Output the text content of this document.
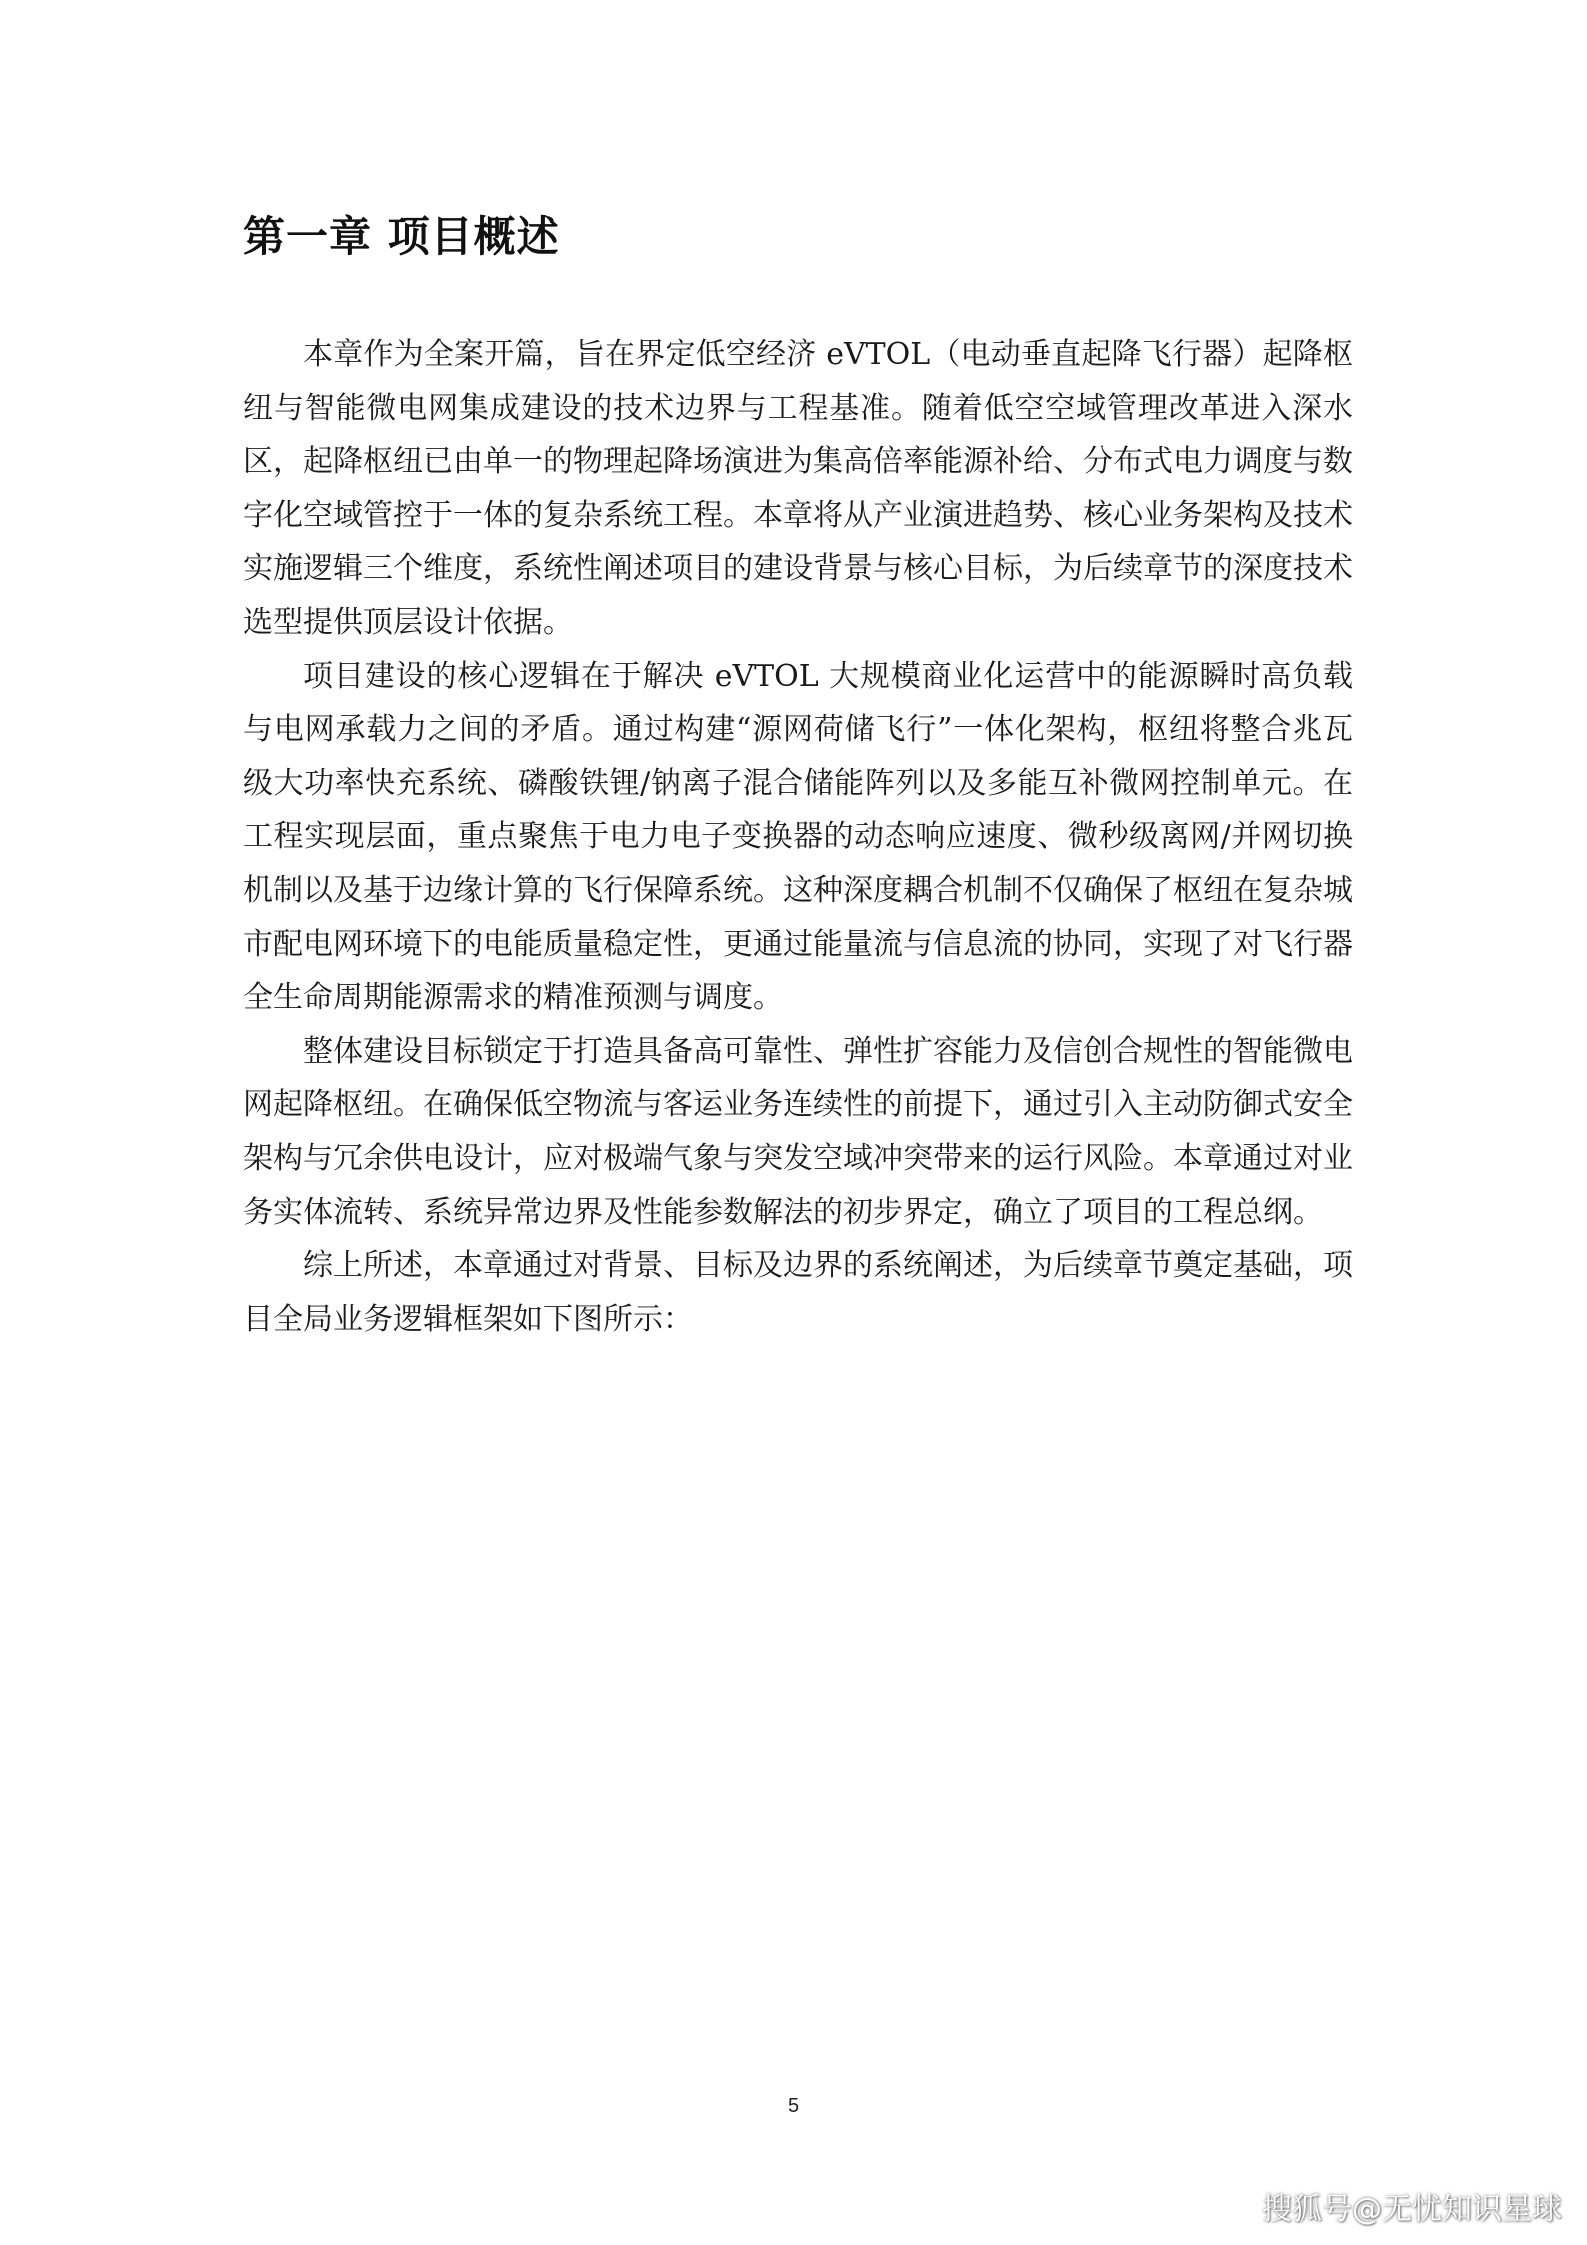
第一章 项目概述

本章作为全案开篇，旨在界定低空经济 eVTOL（电动垂直起降飞行器）起降枢纽与智能微电网集成建设的技术边界与工程基准。随着低空空域管理改革进入深水区，起降枢纽已由单一的物理起降场演进为集高倍率能源补给、分布式电力调度与数字化空域管控于一体的复杂系统工程。本章将从产业演进趋势、核心业务架构及技术实施逻辑三个维度，系统性阐述项目的建设背景与核心目标，为后续章节的深度技术选型提供顶层设计依据。

项目建设的核心逻辑在于解决 eVTOL 大规模商业化运营中的能源瞬时高负载与电网承载力之间的矛盾。通过构建“源网荷储飞行”一体化架构，枢纽将整合兆瓦级大功率快充系统、磷酸铁锂/钠离子混合储能阵列以及多能互补微网控制单元。在工程实现层面，重点聚焦于电力电子变换器的动态响应速度、微秒级离网/并网切换机制以及基于边缘计算的飞行保障系统。这种深度耦合机制不仅确保了枢纽在复杂城市配电网环境下的电能质量稳定性，更通过能量流与信息流的协同，实现了对飞行器全生命周期能源需求的精准预测与调度。

整体建设目标锁定于打造具备高可靠性、弹性扩容能力及信创合规性的智能微电网起降枢纽。在确保低空物流与客运业务连续性的前提下，通过引入主动防御式安全架构与冗余供电设计，应对极端气象与突发空域冲突带来的运行风险。本章通过对业务实体流转、系统异常边界及性能参数解法的初步界定，确立了项目的工程总纲。

综上所述，本章通过对背景、目标及边界的系统阐述，为后续章节奠定基础，项目全局业务逻辑框架如下图所示：

5
搜狐号@无忧知识星球
